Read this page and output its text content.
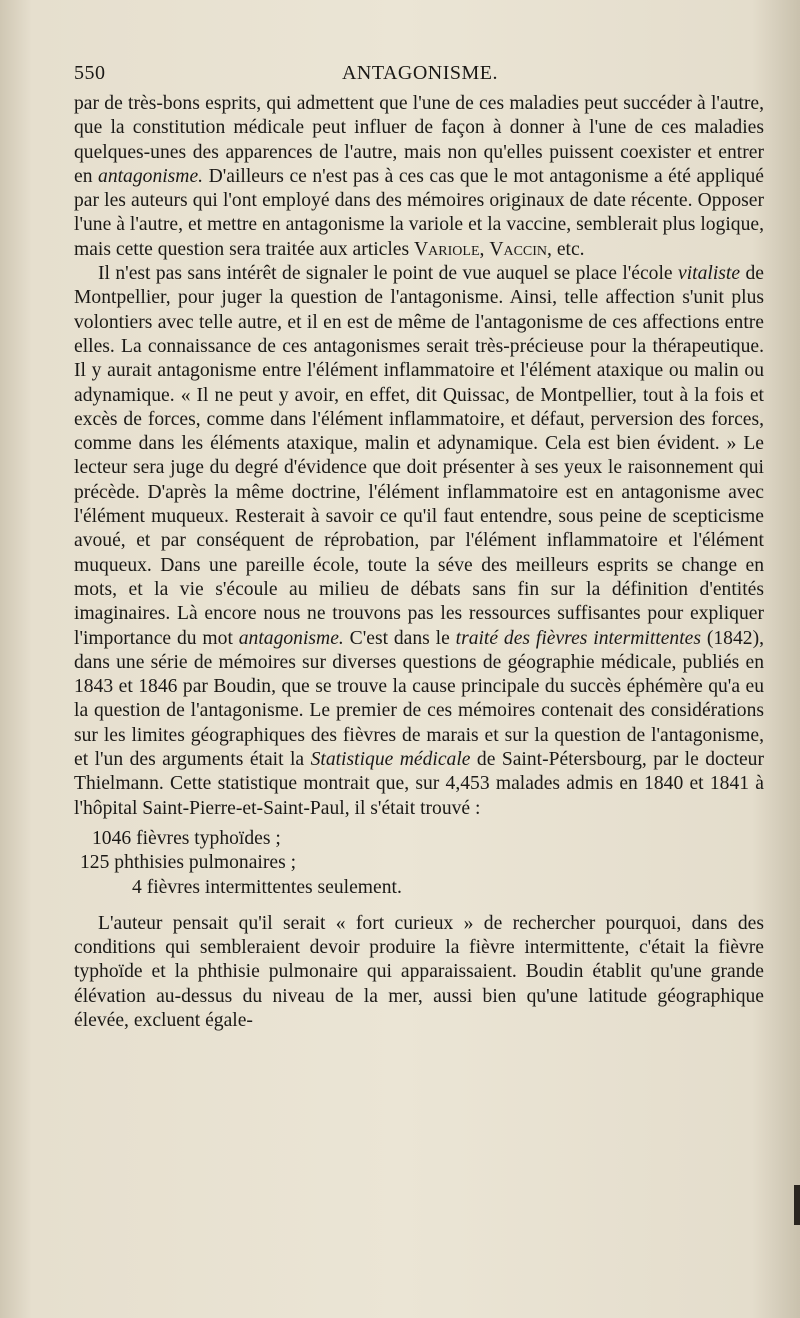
550	ANTAGONISME.

par de très-bons esprits, qui admettent que l'une de ces maladies peut succéder à l'autre, que la constitution médicale peut influer de façon à donner à l'une de ces maladies quelques-unes des apparences de l'autre, mais non qu'elles puissent coexister et entrer en antagonisme. D'ailleurs ce n'est pas à ces cas que le mot antagonisme a été appliqué par les auteurs qui l'ont employé dans des mémoires originaux de date récente. Opposer l'une à l'autre, et mettre en antagonisme la variole et la vaccine, semblerait plus logique, mais cette question sera traitée aux articles Variole, Vaccin, etc.

Il n'est pas sans intérêt de signaler le point de vue auquel se place l'école vitaliste de Montpellier, pour juger la question de l'antagonisme. Ainsi, telle affection s'unit plus volontiers avec telle autre, et il en est de même de l'antagonisme de ces affections entre elles. La connaissance de ces antagonismes serait très-précieuse pour la thérapeutique. Il y aurait antagonisme entre l'élément inflammatoire et l'élément ataxique ou malin ou adynamique. « Il ne peut y avoir, en effet, dit Quissac, de Montpellier, tout à la fois et excès de forces, comme dans l'élément inflammatoire, et défaut, perversion des forces, comme dans les éléments ataxique, malin et adynamique. Cela est bien évident. » Le lecteur sera juge du degré d'évidence que doit présenter à ses yeux le raisonnement qui précède. D'après la même doctrine, l'élément inflammatoire est en antagonisme avec l'élément muqueux. Resterait à savoir ce qu'il faut entendre, sous peine de scepticisme avoué, et par conséquent de réprobation, par l'élément inflammatoire et l'élément muqueux. Dans une pareille école, toute la séve des meilleurs esprits se change en mots, et la vie s'écoule au milieu de débats sans fin sur la définition d'entités imaginaires. Là encore nous ne trouvons pas les ressources suffisantes pour expliquer l'importance du mot antagonisme. C'est dans le traité des fièvres intermittentes (1842), dans une série de mémoires sur diverses questions de géographie médicale, publiés en 1843 et 1846 par Boudin, que se trouve la cause principale du succès éphémère qu'a eu la question de l'antagonisme. Le premier de ces mémoires contenait des considérations sur les limites géographiques des fièvres de marais et sur la question de l'antagonisme, et l'un des arguments était la Statistique médicale de Saint-Pétersbourg, par le docteur Thielmann. Cette statistique montrait que, sur 4,453 malades admis en 1840 et 1841 à l'hôpital Saint-Pierre-et-Saint-Paul, il s'était trouvé :

1046 fièvres typhoïdes ;
125 phthisies pulmonaires ;
4 fièvres intermittentes seulement.

L'auteur pensait qu'il serait « fort curieux » de rechercher pourquoi, dans des conditions qui sembleraient devoir produire la fièvre intermittente, c'était la fièvre typhoïde et la phthisie pulmonaire qui apparaissaient. Boudin établit qu'une grande élévation au-dessus du niveau de la mer, aussi bien qu'une latitude géographique élevée, excluent égale-
